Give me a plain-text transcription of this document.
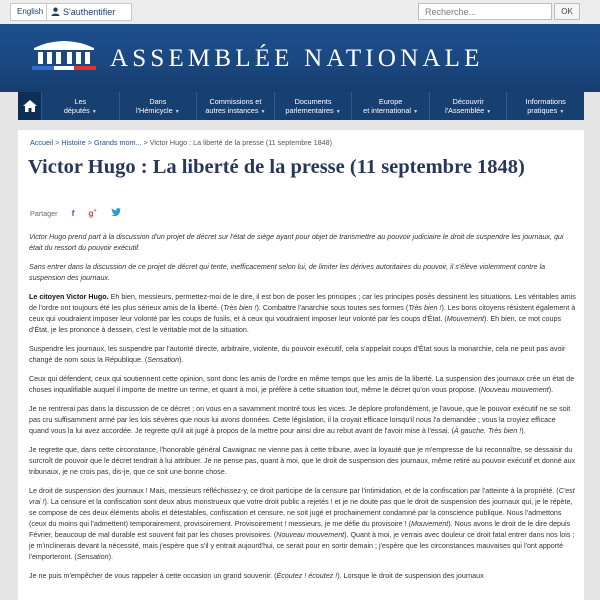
English	S'authentifier
Recherche...	OK
ASSEMBLÉE NATIONALE
Les
députés ▼
Dans
l'Hémicycle ▼
Commissions et
autres instances ▼
Documents
parlementaires ▼
Europe
et international ▼
Découvrir
l'Assemblée ▼
Informations
pratiques ▼
Accueil > Histoire > Grands mom... > Victor Hugo : La liberté de la presse (11 septembre 1848)
Victor Hugo : La liberté de la presse (11 septembre 1848)
Partager f g+

Victor Hugo prend part à la discussion d'un projet de décret sur l'état de siège ayant pour objet de transmettre au pouvoir judiciaire le droit de suspendre les journaux, qui était du ressort du pouvoir exécutif.

Sans entrer dans la discussion de ce projet de décret qui tente, inefficacement selon lui, de limiter les dérives autoritaires du pouvoir, il s'élève violemment contre la suspension des journaux.

Le citoyen Victor Hugo. Eh bien, messieurs, permettez-moi de le dire, il est bon de poser les principes ; car les principes posés dessinent les situations. Les véritables amis de l'ordre ont toujours été les plus sérieux amis de la liberté. (Très bien !). Combattre l'anarchie sous toutes ses formes (Très bien !). Les bons citoyens résistent également à ceux qui voudraient imposer leur volonté par les coups de fusils, et à ceux qui voudraient imposer leur volonté par les coups d'État. (Mouvement). Eh bien, ce mot coups d'État, je les prononce à dessein, c'est le véritable mot de la situation.

Suspendre les journaux, les suspendre par l'autorité directe, arbitraire, violente, du pouvoir exécutif, cela s'appelait coups d'État sous la monarchie, cela ne peut pas avoir changé de nom sous la République. (Sensation).

Ceux qui défendent, ceux qui soutiennent cette opinion, sont donc les amis de l'ordre en même temps que les amis de la liberté. La suspension des journaux crée un état de choses inqualifiable auquel il importe de mettre un terme, et quant à moi, je préfère à cette situation tout, même le décret qu'on vous propose. (Nouveau mouvement).

Je ne rentrerai pas dans la discussion de ce décret ; on vous en a savamment montré tous les vices. Je déplore profondément, je l'avoue, que le pouvoir exécutif ne se soit pas cru suffisamment armé par les lois sévères que nous lui avons données. Cette législation, il la croyait efficace lorsqu'il nous l'a demandée ; vous la croyiez efficace quand vous la lui avez accordée. Je regrette qu'il ait jugé à propos de la mettre pour ainsi dire au rebut avant de l'avoir mise à l'essai. (À gauche. Très bien !).

Je regrette que, dans cette circonstance, l'honorable général Cavaignac ne vienne pas à cette tribune, avec la loyauté que je m'empresse de lui reconnaître, se dessaisir du surcroît de pouvoir que le décret tendrait à lui attribuer. Je ne pense pas, quant à moi, que le droit de suspension des journaux, même retiré au pouvoir exécutif et donné aux tribunaux, je ne crois pas, dis-je, que ce soit une bonne chose.

Le droit de suspension des journaux ! Mais, messieurs réfléchissez-y, ce droit participe de la censure par l'intimidation, et de la confiscation par l'atteinte à la propriété. (C'est vrai !). La censure et la confiscation sont deux abus monstrueux que votre droit public a rejetés ! et je ne doute pas que le droit de suspension des journaux qui, je le répète, se compose de ces deux éléments abolis et détestables, confiscation et censure, ne soit jugé et prochainement condamné par la conscience publique. Nous l'admettons (ceux du moins qui l'admettent) temporairement, provisoirement. Provisoirement ! messieurs, je me défie du provisoire ! (Mouvement). Nous avons le droit de le dire depuis Février, beaucoup de mal durable est souvent fait par les choses provisoires. (Nouveau mouvement). Quant à moi, je verrais avec douleur ce droit fatal entrer dans nos lois ; je m'inclinerais devant la nécessité, mais j'espère que s'il y entrait aujourd'hui, ce serait pour en sortir demain ; j'espère que les circonstances mauvaises qui l'ont apporté l'emporteront. (Sensation).

Je ne puis m'empêcher de vous rappeler à cette occasion un grand souvenir. (Écoutez ! écoutez !). Lorsque le droit de suspension des journaux
